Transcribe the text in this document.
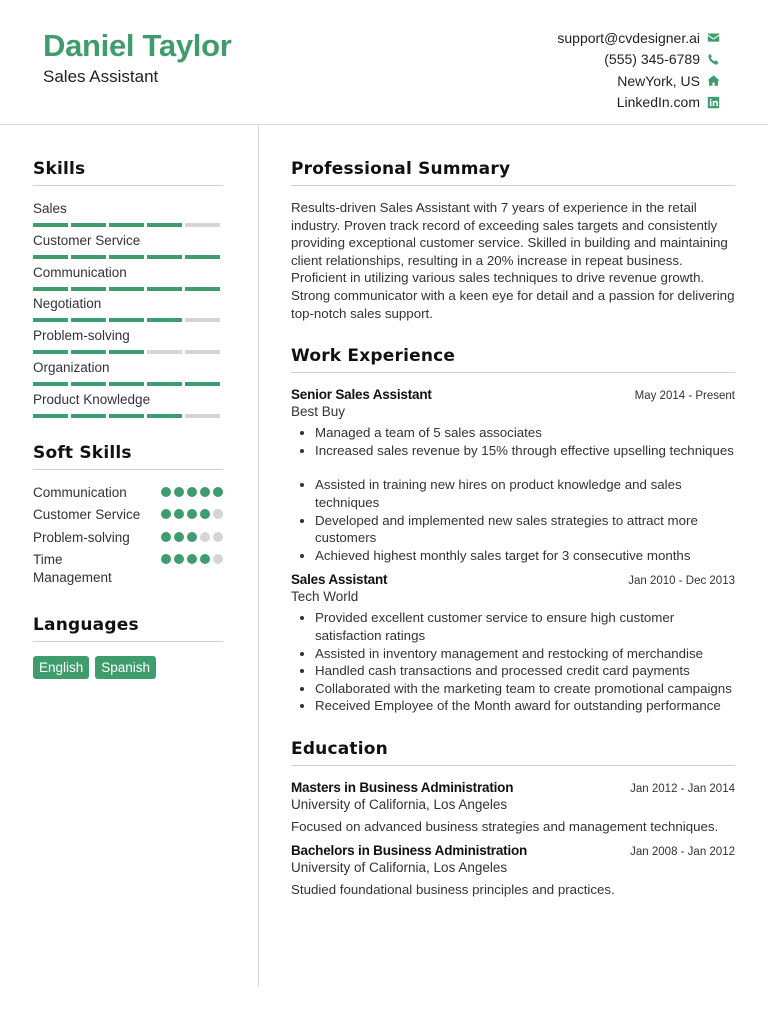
Daniel Taylor
Sales Assistant
support@cvdesigner.ai
(555) 345-6789
NewYork, US
LinkedIn.com
Skills
Sales
Customer Service
Communication
Negotiation
Problem-solving
Organization
Product Knowledge
Soft Skills
Communication
Customer Service
Problem-solving
Time Management
Languages
English	Spanish
Professional Summary

Results-driven Sales Assistant with 7 years of experience in the retail industry. Proven track record of exceeding sales targets and consistently providing exceptional customer service. Skilled in building and maintaining client relationships, resulting in a 20% increase in repeat business. Proficient in utilizing various sales techniques to drive revenue growth. Strong communicator with a keen eye for detail and a passion for delivering top-notch sales support.

Work Experience
Senior Sales Assistant	May 2014 - Present
Best Buy
• Managed a team of 5 sales associates
• Increased sales revenue by 15% through effective upselling techniques
• Assisted in training new hires on product knowledge and sales techniques
• Developed and implemented new sales strategies to attract more customers
• Achieved highest monthly sales target for 3 consecutive months
Sales Assistant	Jan 2010 - Dec 2013
Tech World
• Provided excellent customer service to ensure high customer satisfaction ratings
• Assisted in inventory management and restocking of merchandise
• Handled cash transactions and processed credit card payments
• Collaborated with the marketing team to create promotional campaigns
• Received Employee of the Month award for outstanding performance
Education
Masters in Business Administration	Jan 2012 - Jan 2014
University of California, Los Angeles
Focused on advanced business strategies and management techniques.
Bachelors in Business Administration	Jan 2008 - Jan 2012
University of California, Los Angeles
Studied foundational business principles and practices.
